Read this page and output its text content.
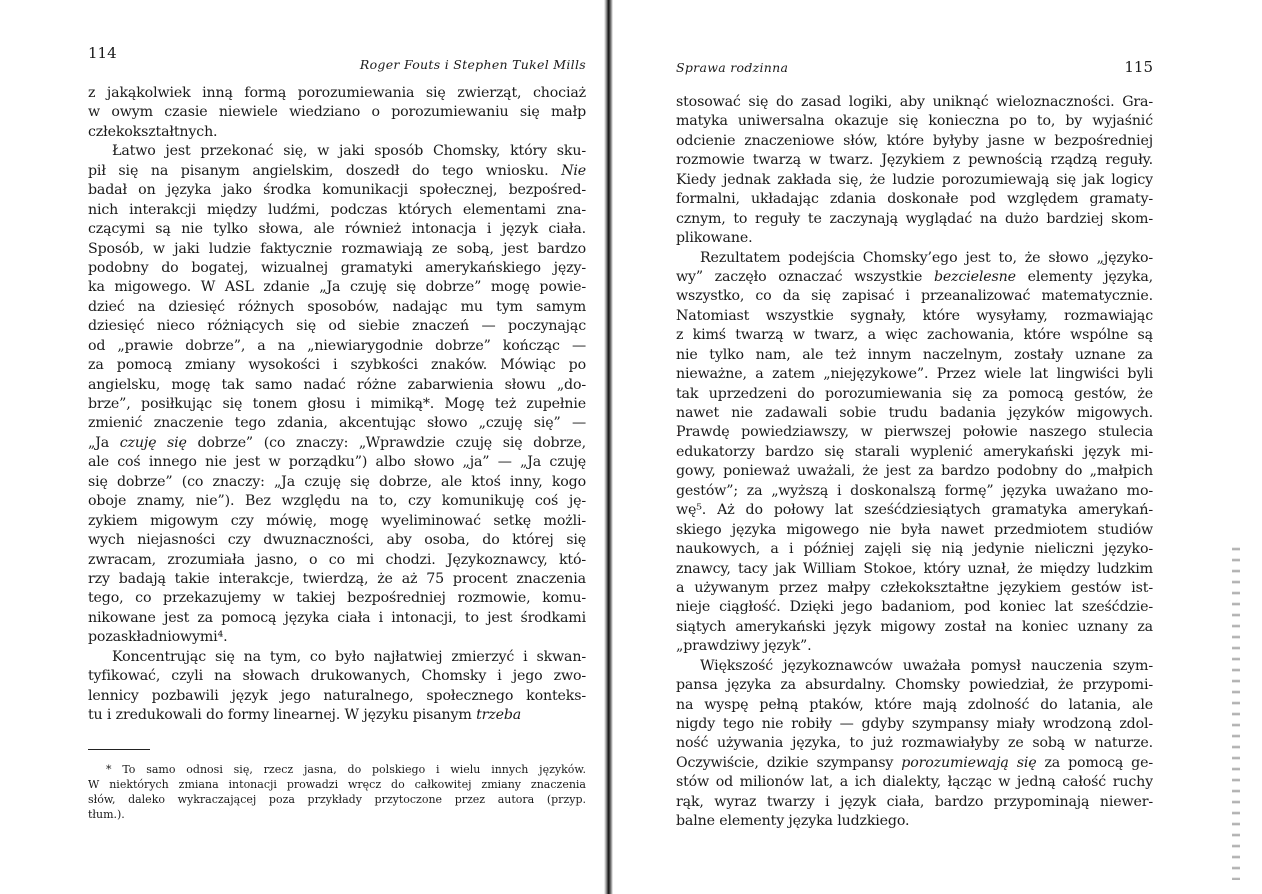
114
Roger Fouts i Stephen Tukel Mills
z jakąkolwiek inną formą porozumiewania się zwierząt, chociaż
w owym czasie niewiele wiedziano o porozumiewaniu się małp
człekokształtnych.
Łatwo jest przekonać się, w jaki sposób Chomsky, który sku-
pił się na pisanym angielskim, doszedł do tego wniosku. Nie
badał on języka jako środka komunikacji społecznej, bezpośred-
nich interakcji między ludźmi, podczas których elementami zna-
czącymi są nie tylko słowa, ale również intonacja i język ciała.
Sposób, w jaki ludzie faktycznie rozmawiają ze sobą, jest bardzo
podobny do bogatej, wizualnej gramatyki amerykańskiego języ-
ka migowego. W ASL zdanie „Ja czuję się dobrze” mogę powie-
dzieć na dziesięć różnych sposobów, nadając mu tym samym
dziesięć nieco różniących się od siebie znaczeń — poczynając
od „prawie dobrze”, a na „niewiarygodnie dobrze” kończąc —
za pomocą zmiany wysokości i szybkości znaków. Mówiąc po
angielsku, mogę tak samo nadać różne zabarwienia słowu „do-
brze”, posiłkując się tonem głosu i mimiką*. Mogę też zupełnie
zmienić znaczenie tego zdania, akcentując słowo „czuję się” —
„Ja czuję się dobrze” (co znaczy: „Wprawdzie czuję się dobrze,
ale coś innego nie jest w porządku”) albo słowo „ja” — „Ja czuję
się dobrze” (co znaczy: „Ja czuję się dobrze, ale ktoś inny, kogo
oboje znamy, nie”). Bez względu na to, czy komunikuję coś ję-
zykiem migowym czy mówię, mogę wyeliminować setkę możli-
wych niejasności czy dwuznaczności, aby osoba, do której się
zwracam, zrozumiała jasno, o co mi chodzi. Językoznawcy, któ-
rzy badają takie interakcje, twierdzą, że aż 75 procent znaczenia
tego, co przekazujemy w takiej bezpośredniej rozmowie, komu-
nikowane jest za pomocą języka ciała i intonacji, to jest środkami
pozaskładniowymi⁴.
Koncentrując się na tym, co było najłatwiej zmierzyć i skwan-
tyfikować, czyli na słowach drukowanych, Chomsky i jego zwo-
lennicy pozbawili język jego naturalnego, społecznego konteks-
tu i zredukowali do formy linearnej. W języku pisanym trzeba
* To samo odnosi się, rzecz jasna, do polskiego i wielu innych języków.
W niektórych zmiana intonacji prowadzi wręcz do całkowitej zmiany znaczenia
słów, daleko wykraczającej poza przykłady przytoczone przez autora (przyp.
tłum.).
Sprawa rodzinna	115
stosować się do zasad logiki, aby uniknąć wieloznaczności. Gra-
matyka uniwersalna okazuje się konieczna po to, by wyjaśnić
odcienie znaczeniowe słów, które byłyby jasne w bezpośredniej
rozmowie twarzą w twarz. Językiem z pewnością rządzą reguły.
Kiedy jednak zakłada się, że ludzie porozumiewają się jak logicy
formalni, układając zdania doskonałe pod względem gramaty-
cznym, to reguły te zaczynają wyglądać na dużo bardziej skom-
plikowane.
Rezultatem podejścia Chomsky’ego jest to, że słowo „języko-
wy” zaczęło oznaczać wszystkie bezcielesne elementy języka,
wszystko, co da się zapisać i przeanalizować matematycznie.
Natomiast wszystkie sygnały, które wysyłamy, rozmawiając
z kimś twarzą w twarz, a więc zachowania, które wspólne są
nie tylko nam, ale też innym naczelnym, zostały uznane za
nieważne, a zatem „niejęzykowe”. Przez wiele lat lingwiści byli
tak uprzedzeni do porozumiewania się za pomocą gestów, że
nawet nie zadawali sobie trudu badania języków migowych.
Prawdę powiedziawszy, w pierwszej połowie naszego stulecia
edukatorzy bardzo się starali wyplenić amerykański język mi-
gowy, ponieważ uważali, że jest za bardzo podobny do „małpich
gestów”; za „wyższą i doskonalszą formę” języka uważano mo-
wę⁵. Aż do połowy lat sześćdziesiątych gramatyka amerykań-
skiego języka migowego nie była nawet przedmiotem studiów
naukowych, a i później zajęli się nią jedynie nieliczni językо-
znawcy, tacy jak William Stokoe, który uznał, że między ludzkim
a używanym przez małpy człekokształtne językiem gestów ist-
nieje ciągłość. Dzięki jego badaniom, pod koniec lat sześćdzie-
siątych amerykański język migowy został na koniec uznany za
„prawdziwy język”.
Większość językoznawców uważała pomysł nauczenia szym-
pansa języka za absurdalny. Chomsky powiedział, że przypomi-
na wyspę pełną ptaków, które mają zdolność do latania, ale
nigdy tego nie robiły — gdyby szympansy miały wrodzoną zdol-
ność używania języka, to już rozmawiałyby ze sobą w naturze.
Oczywiście, dzikie szympansy porozumiewają się za pomocą ge-
stów od milionów lat, a ich dialekty, łącząc w jedną całość ruchy
rąk, wyraz twarzy i język ciała, bardzo przypominają niewer-
balne elementy języka ludzkiego.
